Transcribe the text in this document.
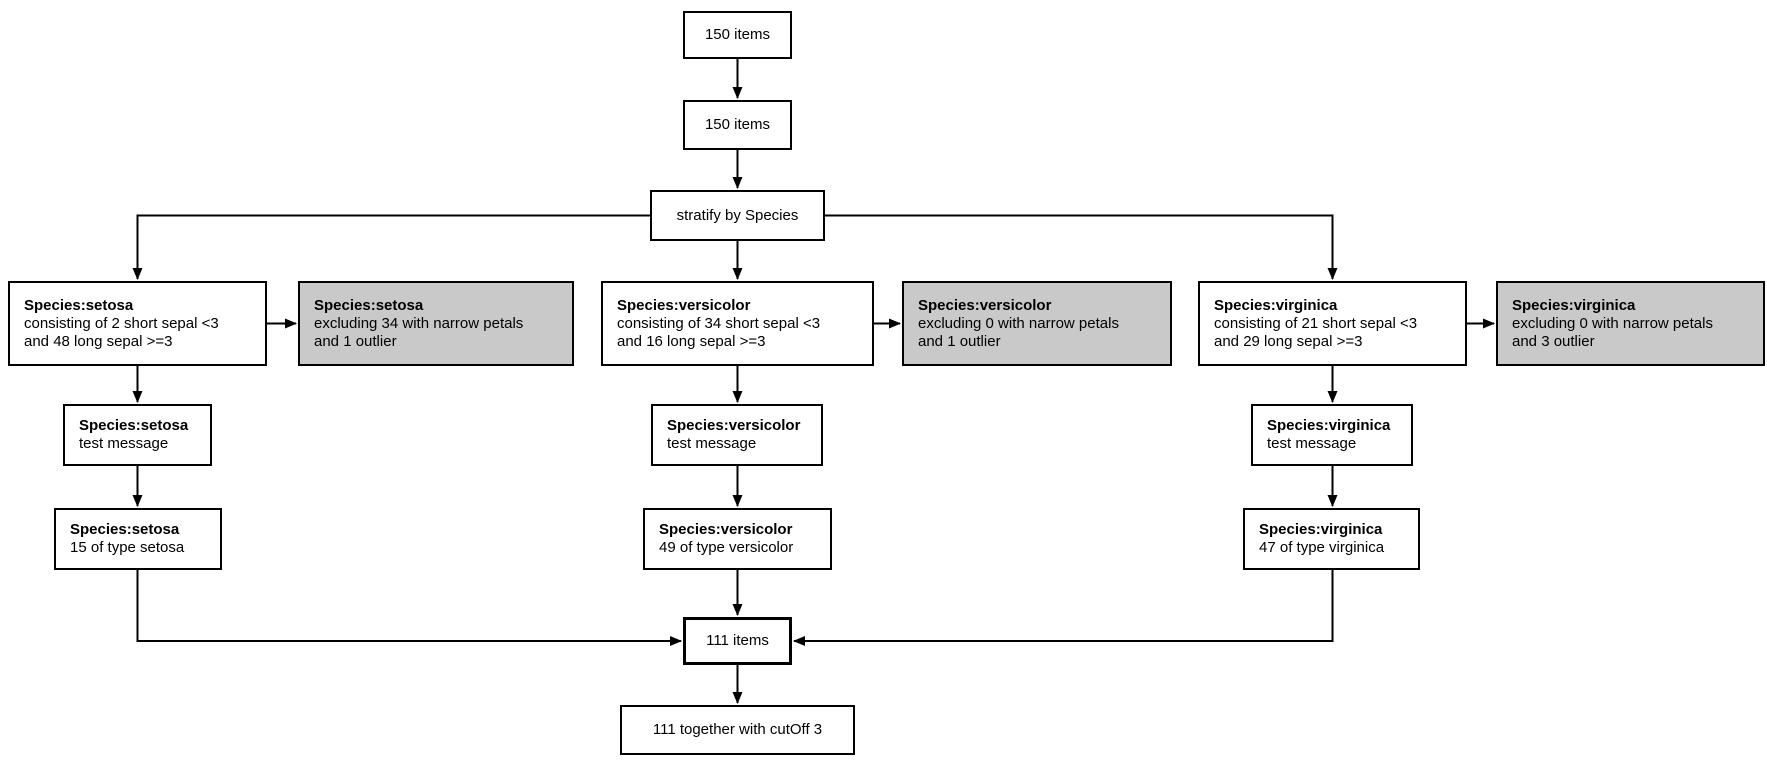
150 items
150 items
stratify by Species
Species:setosa
consisting of 2 short sepal <3
and 48 long sepal >=3
Species:setosa
excluding 34 with narrow petals
and 1 outlier
Species:versicolor
consisting of 34 short sepal <3
and 16 long sepal >=3
Species:versicolor
excluding 0 with narrow petals
and 1 outlier
Species:virginica
consisting of 21 short sepal <3
and 29 long sepal >=3
Species:virginica
excluding 0 with narrow petals
and 3 outlier
Species:setosa
test message
Species:versicolor
test message
Species:virginica
test message
Species:setosa
15 of type setosa
Species:versicolor
49 of type versicolor
Species:virginica
47 of type virginica
111 items
111 together with cutOff 3
